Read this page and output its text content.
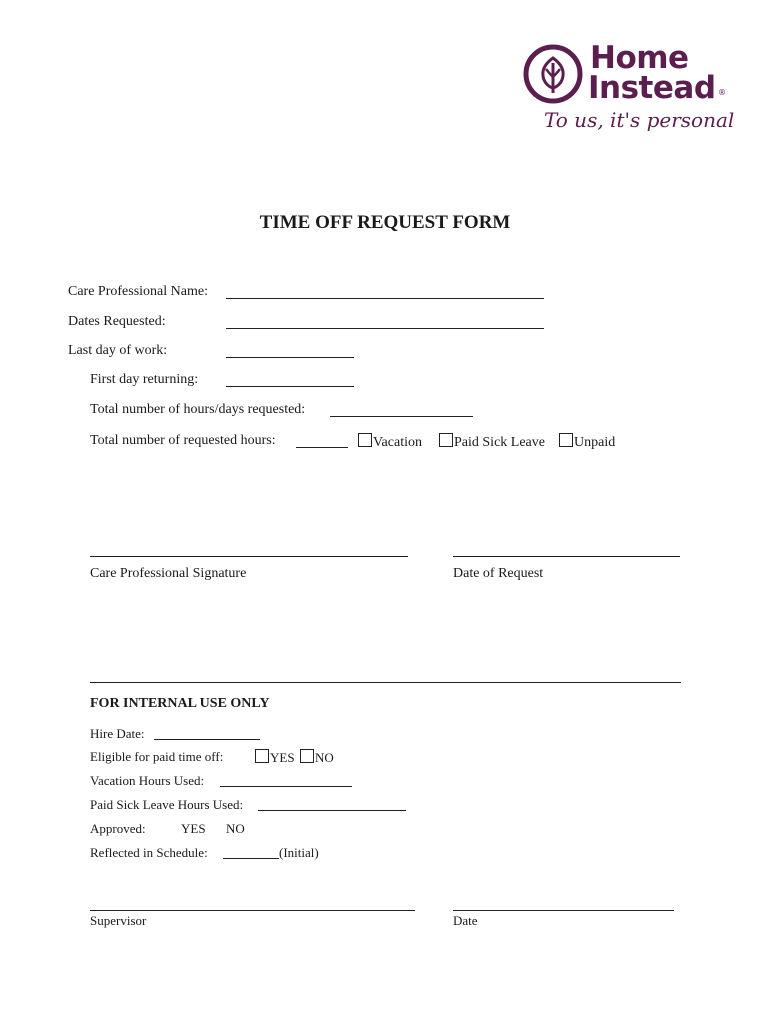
Home
Instead ®
To us, it's personal
TIME OFF REQUEST FORM
Care Professional Name:
Dates Requested:
Last day of work:
First day returning:
Total number of hours/days requested:
Total number of requested hours:	Vacation	Paid Sick Leave	Unpaid
Care Professional Signature	Date of Request
FOR INTERNAL USE ONLY
Hire Date:
Eligible for paid time off:	YES	NO
Vacation Hours Used:
Paid Sick Leave Hours Used:
Approved:	YES NO
Reflected in Schedule:	(Initial)
Supervisor	Date
